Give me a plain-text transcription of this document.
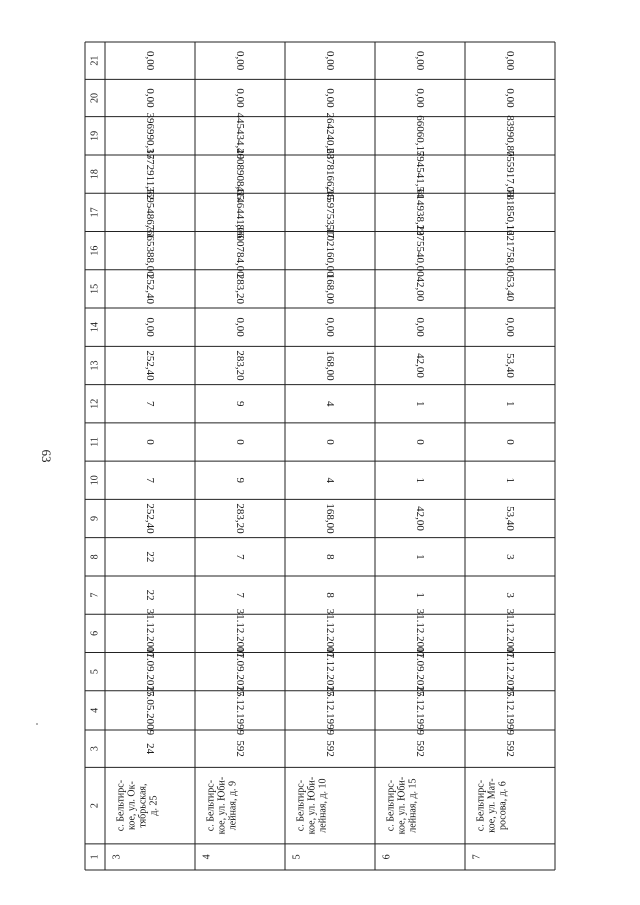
63
1
2
3
4
5
6
7
8
9
10
11
12
13
14
15
16
17
18
19
20
21
3
с. Бельтирс- кое, ул. Ок- тябрьская, д. 25
24
25.05.2009
01.09.2017
31.12.2017
22
22
252,40
7
0
7
252,40
0,00
252,40
7665388,00
3695486,31
3572911,52
396990,17
0,00
0,00
4
с. Бельтирс- кое, ул. Юби- лейная, д. 9
592
25.12.1999
01.09.2017
31.12.2017
7
7
283,20
9
0
9
283,20
0,00
283,20
8600784,00
4146441,06
4008908,65
445434,29
0,00
0,00
5
с. Бельтирс- кое, ул. Юби- лейная, д. 10
592
25.12.1999
01.12.2017
31.12.2017
8
8
168,00
4
0
4
168,00
0,00
168,00
5102160,00
2459753,17
2378166,15
264240,68
0,00
0,00
6
с. Бельтирс- кое, ул. Юби- лейная, д. 15
592
25.12.1999
01.09.2017
31.12.2017
1
1
42,00
1
0
1
42,00
0,00
42,00
1275540,00
614938,29
594541,54
66060,17
0,00
0,00
7
с. Бельтирс- кое, ул. Мат- росова, д. 6
592
25.12.1999
01.12.2017
31.12.2017
3
3
53,40
1
0
1
53,40
0,00
53,40
1621758,00
781850,12
755917,08
83990,80
0,00
0,00
